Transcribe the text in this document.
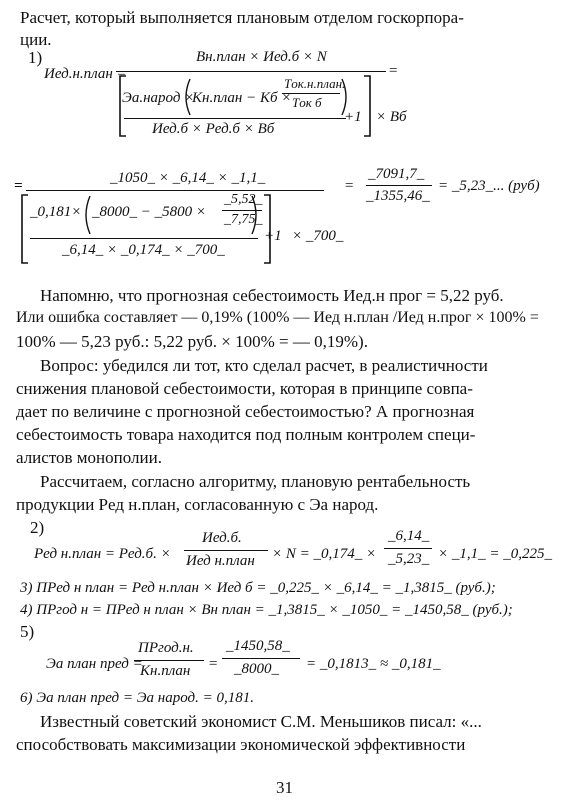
Расчет, который выполняется плановым отделом госкорпора-
ции.
1)
Иед.н.план =
Bн.план × Иед.б × N
=
Эа.народ ×
Kн.план − Kб ×
Tок.н.план.
Tок б
+1
Иед.б × Pед.б × Bб
× Bб
=	_1050_ × _6,14_ × _1,1_
_0,181× _8000_ − _5800 ×
_5,52_
_7,75_
+1
_6,14_ × _0,174_ × _700_
× _700_
=
_7091,7_
_1355,46_
= _5,23_... (руб)
Напомню, что прогнозная себестоимость Иед.н прог = 5,22 руб.
Или ошибка составляет — 0,19% (100% — Иед н.план /Иед н.прог × 100% =
100% — 5,23 руб.: 5,22 руб. × 100% = — 0,19%).
Вопрос: убедился ли тот, кто сделал расчет, в реалистичности
снижения плановой себестоимости, которая в принципе совпа-
дает по величине с прогнозной себестоимостью? А прогнозная
себестоимость товара находится под полным контролем специ-
алистов монополии.
Рассчитаем, согласно алгоритму, плановую рентабельность
продукции Pед н.план, согласованную с Эа народ.
2)
Pед н.план = Pед.б. ×
Иед.б.
Иед н.план × N = _0,174_ ×
_6,14_
_5,23_ × _1,1_ = _0,225_
3) ПPед н план = Pед н.план × Иед б = _0,225_ × _6,14_ = _1,3815_ (руб.);
4) ПPгод н = ПPед н план × Bн план = _1,3815_ × _1050_ = _1450,58_ (руб.);
5)
Эа план пред =
ПPгод.н.
Kн.план =
_1450,58_
_8000_ = _0,1813_ ≈ _0,181_
6) Эа план пред = Эа народ. = 0,181.
Известный советский экономист С.М. Меньшиков писал: «...
способствовать максимизации экономической эффективности
31
